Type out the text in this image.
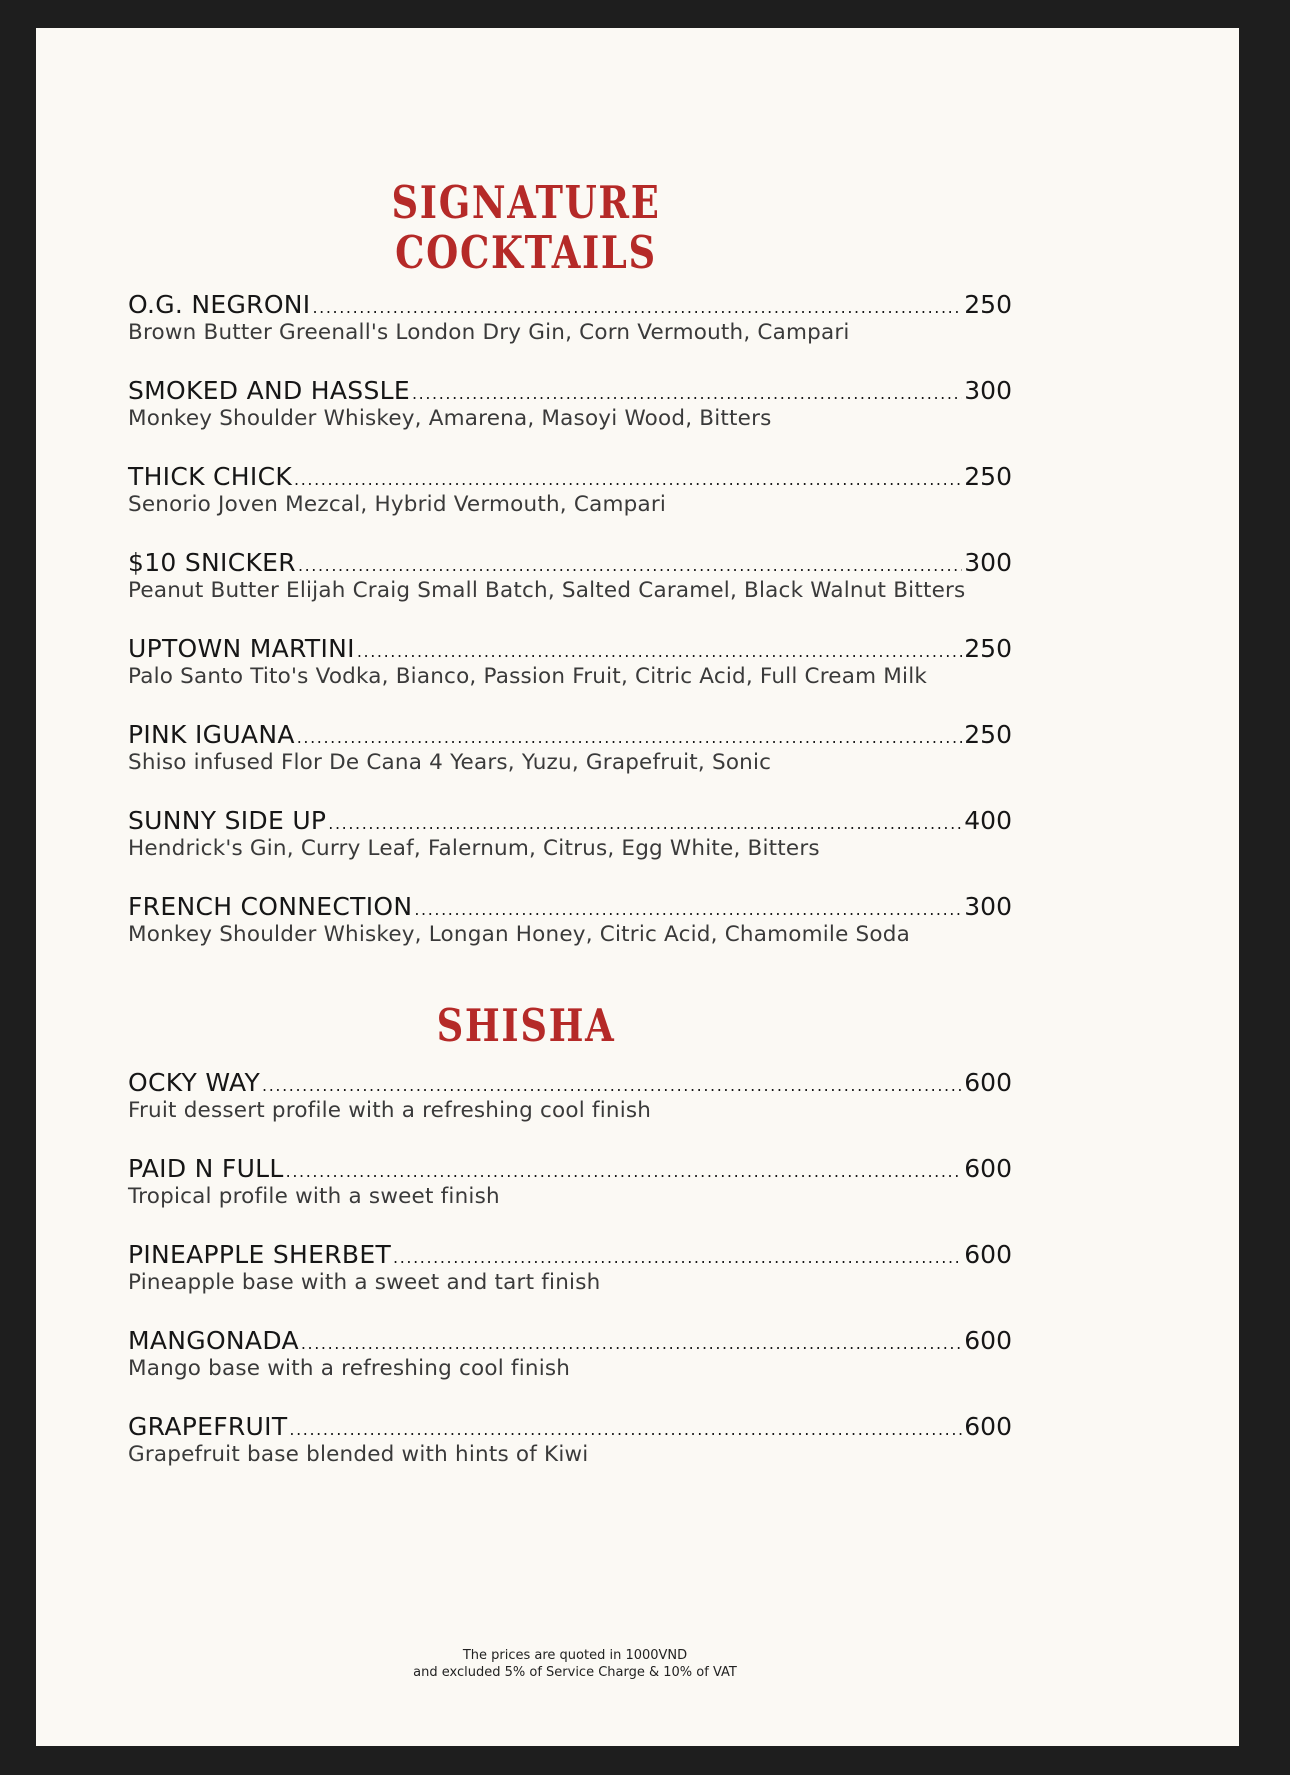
SIGNATURE
COCKTAILS
O.G. NEGRONI .....	250
Brown Butter Greenall's London Dry Gin, Corn Vermouth, Campari
SMOKED AND HASSLE .....	300
Monkey Shoulder Whiskey, Amarena, Masoyi Wood, Bitters
THICK CHICK .....	250
Senorio Joven Mezcal, Hybrid Vermouth, Campari
$10 SNICKER .....	300
Peanut Butter Elijah Craig Small Batch, Salted Caramel, Black Walnut Bitters
UPTOWN MARTINI .....	250
Palo Santo Tito's Vodka, Bianco, Passion Fruit, Citric Acid, Full Cream Milk
PINK IGUANA .....	250
Shiso infused Flor De Cana 4 Years, Yuzu, Grapefruit, Sonic
SUNNY SIDE UP .....	400
Hendrick's Gin, Curry Leaf, Falernum, Citrus, Egg White, Bitters
FRENCH CONNECTION .....	300
Monkey Shoulder Whiskey, Longan Honey, Citric Acid, Chamomile Soda
SHISHA
OCKY WAY .....	600
Fruit dessert profile with a refreshing cool finish
PAID N FULL .....	600
Tropical profile with a sweet finish
PINEAPPLE SHERBET .....	600
Pineapple base with a sweet and tart finish
MANGONADA .....	600
Mango base with a refreshing cool finish
GRAPEFRUIT .....	600
Grapefruit base blended with hints of Kiwi
The prices are quoted in 1000VND
and excluded 5% of Service Charge & 10% of VAT
